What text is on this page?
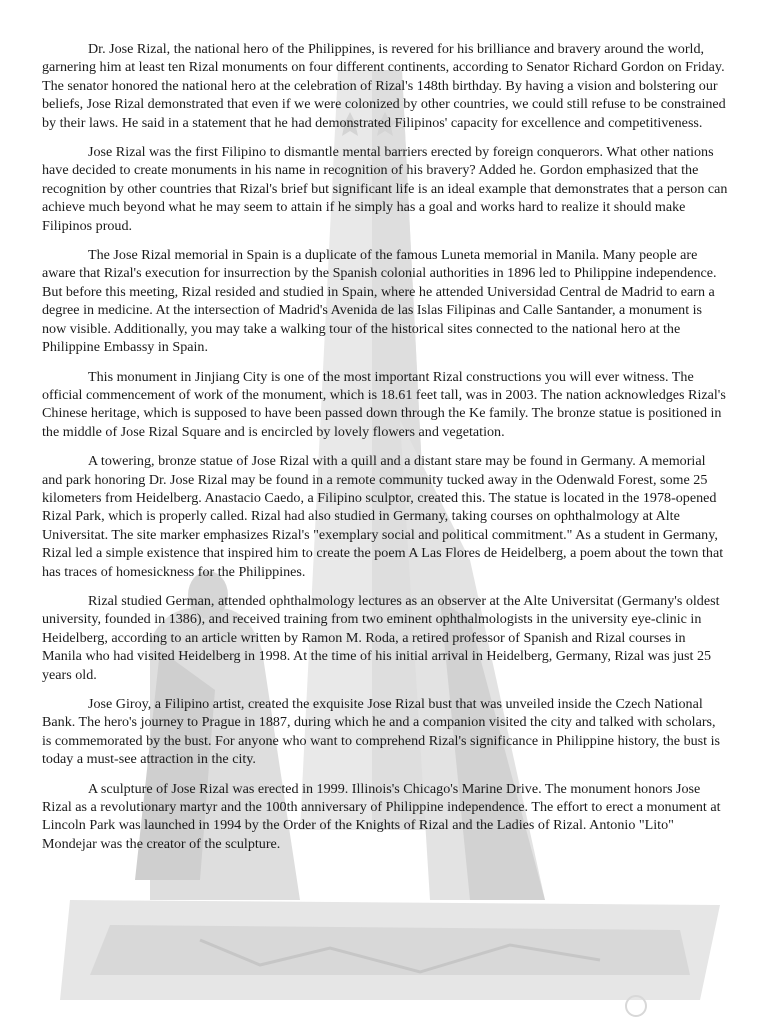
Dr. Jose Rizal, the national hero of the Philippines, is revered for his brilliance and bravery around the world, garnering him at least ten Rizal monuments on four different continents, according to Senator Richard Gordon on Friday. The senator honored the national hero at the celebration of Rizal's 148th birthday. By having a vision and bolstering our beliefs, Jose Rizal demonstrated that even if we were colonized by other countries, we could still refuse to be constrained by their laws. He said in a statement that he had demonstrated Filipinos' capacity for excellence and competitiveness.

Jose Rizal was the first Filipino to dismantle mental barriers erected by foreign conquerors. What other nations have decided to create monuments in his name in recognition of his bravery? Added he. Gordon emphasized that the recognition by other countries that Rizal's brief but significant life is an ideal example that demonstrates that a person can achieve much beyond what he may seem to attain if he simply has a goal and works hard to realize it should make Filipinos proud.

The Jose Rizal memorial in Spain is a duplicate of the famous Luneta memorial in Manila. Many people are aware that Rizal's execution for insurrection by the Spanish colonial authorities in 1896 led to Philippine independence. But before this meeting, Rizal resided and studied in Spain, where he attended Universidad Central de Madrid to earn a degree in medicine. At the intersection of Madrid's Avenida de las Islas Filipinas and Calle Santander, a monument is now visible. Additionally, you may take a walking tour of the historical sites connected to the national hero at the Philippine Embassy in Spain.

This monument in Jinjiang City is one of the most important Rizal constructions you will ever witness. The official commencement of work of the monument, which is 18.61 feet tall, was in 2003. The nation acknowledges Rizal's Chinese heritage, which is supposed to have been passed down through the Ke family. The bronze statue is positioned in the middle of Jose Rizal Square and is encircled by lovely flowers and vegetation.

A towering, bronze statue of Jose Rizal with a quill and a distant stare may be found in Germany. A memorial and park honoring Dr. Jose Rizal may be found in a remote community tucked away in the Odenwald Forest, some 25 kilometers from Heidelberg. Anastacio Caedo, a Filipino sculptor, created this. The statue is located in the 1978-opened Rizal Park, which is properly called. Rizal had also studied in Germany, taking courses on ophthalmology at Alte Universitat. The site marker emphasizes Rizal's "exemplary social and political commitment." As a student in Germany, Rizal led a simple existence that inspired him to create the poem A Las Flores de Heidelberg, a poem about the town that has traces of homesickness for the Philippines.

Rizal studied German, attended ophthalmology lectures as an observer at the Alte Universitat (Germany's oldest university, founded in 1386), and received training from two eminent ophthalmologists in the university eye-clinic in Heidelberg, according to an article written by Ramon M. Roda, a retired professor of Spanish and Rizal courses in Manila who had visited Heidelberg in 1998. At the time of his initial arrival in Heidelberg, Germany, Rizal was just 25 years old.

Jose Giroy, a Filipino artist, created the exquisite Jose Rizal bust that was unveiled inside the Czech National Bank. The hero's journey to Prague in 1887, during which he and a companion visited the city and talked with scholars, is commemorated by the bust. For anyone who want to comprehend Rizal's significance in Philippine history, the bust is today a must-see attraction in the city.

A sculpture of Jose Rizal was erected in 1999. Illinois's Chicago's Marine Drive. The monument honors Jose Rizal as a revolutionary martyr and the 100th anniversary of Philippine independence. The effort to erect a monument at Lincoln Park was launched in 1994 by the Order of the Knights of Rizal and the Ladies of Rizal. Antonio "Lito" Mondejar was the creator of the sculpture.
